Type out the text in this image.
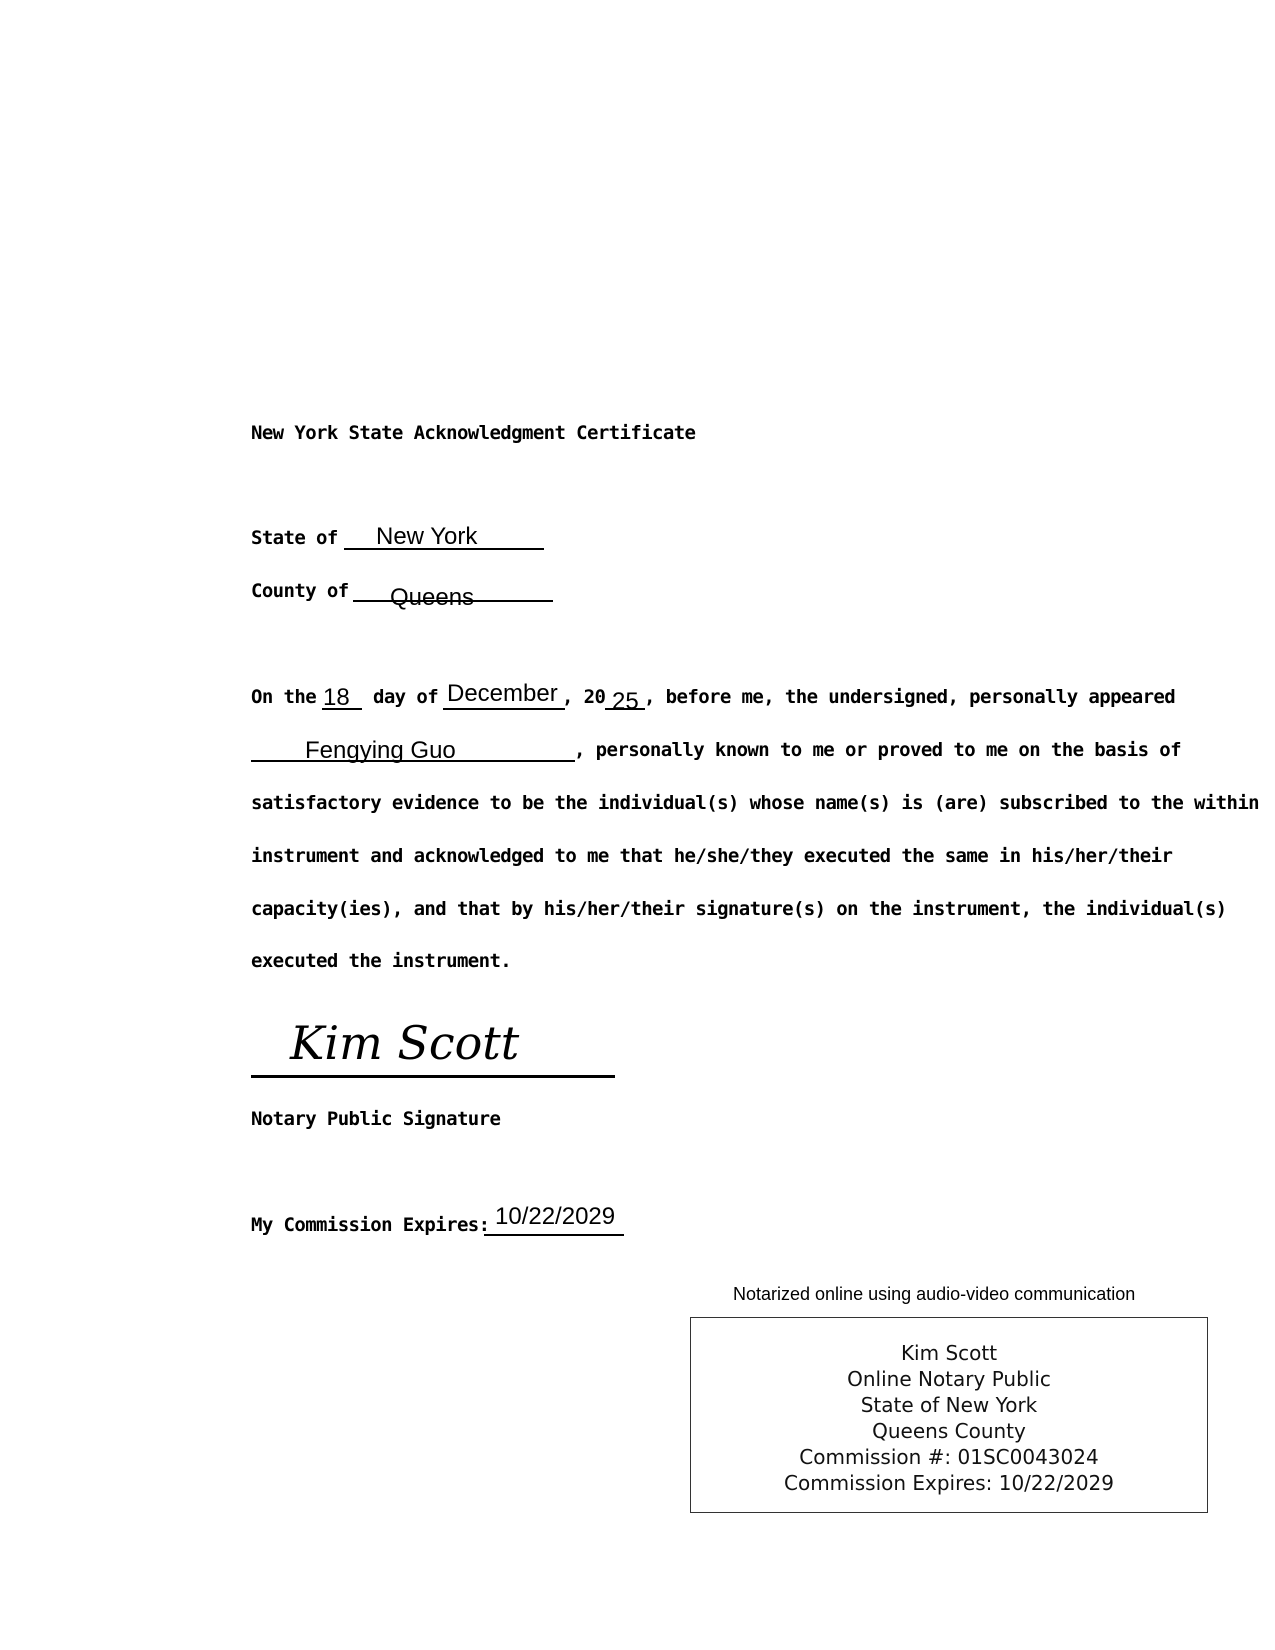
New York State Acknowledgment Certificate
State of New York
County of Queens
On the 18 day of December , 20 25 , before me, the undersigned, personally appeared
Fengying Guo	, personally known to me or proved to me on the basis of
satisfactory evidence to be the individual(s) whose name(s) is (are) subscribed to the within
instrument and acknowledged to me that he/she/they executed the same in his/her/their
capacity(ies), and that by his/her/their signature(s) on the instrument, the individual(s)
executed the instrument.
Kim Scott
Notary Public Signature
My Commission Expires: 10/22/2029
Notarized online using audio-video communication
Kim Scott
Online Notary Public
State of New York
Queens County
Commission #: 01SC0043024
Commission Expires: 10/22/2029
